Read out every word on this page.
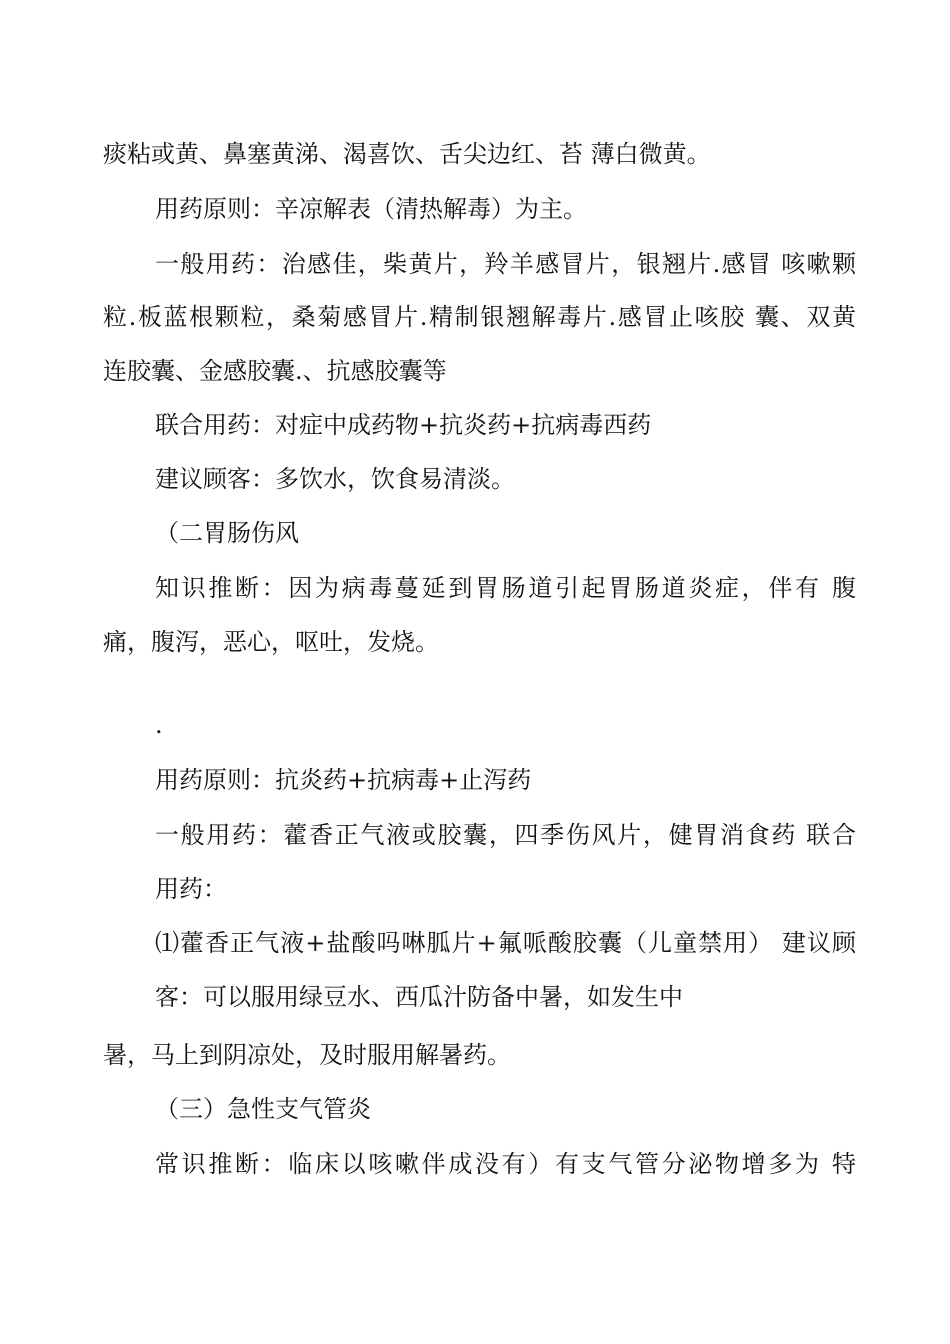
痰粘或黄、鼻塞黄涕、渴喜饮、舌尖边红、苔 薄白微黄。

用药原则：辛凉解表（清热解毒）为主。

一般用药：治感佳，柴黄片，羚羊感冒片，银翘片.感冒 咳嗽颗

粒.板蓝根颗粒，桑菊感冒片.精制银翘解毒片.感冒止咳胶 囊、双黄

连胶囊、金感胶囊.、抗感胶囊等

联合用药：对症中成药物+抗炎药+抗病毒西药

建议顾客：多饮水，饮食易清淡。

（二胃肠伤风

知识推断：因为病毒蔓延到胃肠道引起胃肠道炎症，伴有 腹

痛，腹泻，恶心，呕吐，发烧。

.

用药原则：抗炎药+抗病毒+止泻药

一般用药：藿香正气液或胶囊，四季伤风片，健胃消食药 联合

用药：

⑴藿香正气液+盐酸吗啉胍片+氟哌酸胶囊（儿童禁用） 建议顾

客：可以服用绿豆水、西瓜汁防备中暑，如发生中

暑，马上到阴凉处，及时服用解暑药。

（三）急性支气管炎

常识推断：临床以咳嗽伴成没有）有支气管分泌物增多为 特
